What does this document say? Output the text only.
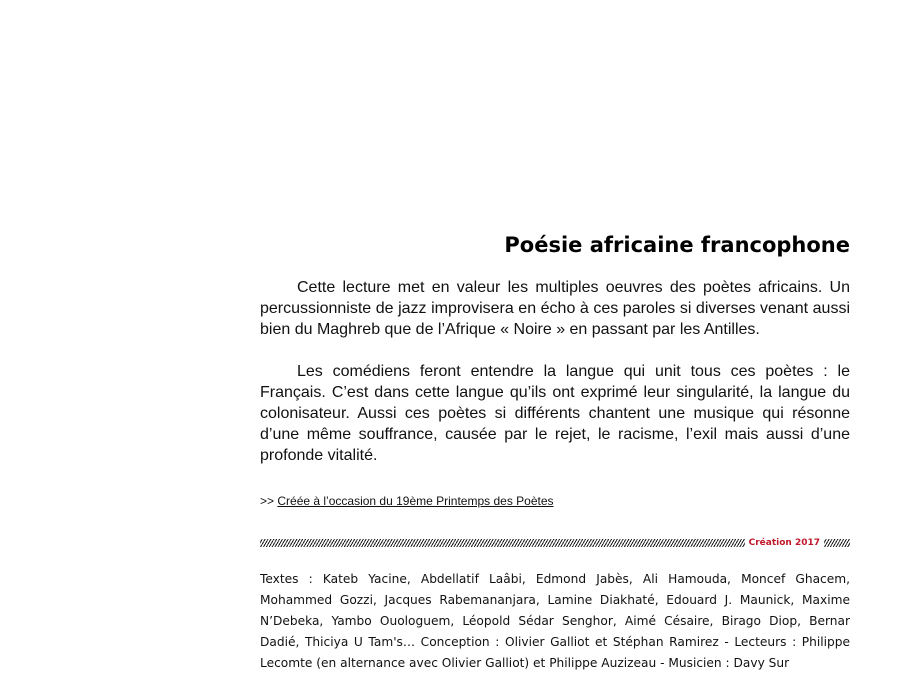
Poésie africaine francophone

Cette lecture met en valeur les multiples oeuvres des poètes africains. Un percussionniste de jazz improvisera en écho à ces paroles si diverses venant aussi bien du Maghreb que de l’Afrique « Noire » en passant par les Antilles.

Les comédiens feront entendre la langue qui unit tous ces poètes : le Français. C’est dans cette langue qu’ils ont exprimé leur singularité, la langue du colonisateur. Aussi ces poètes si différents chantent une musique qui résonne d’une même souffrance, causée par le rejet, le racisme, l’exil mais aussi d’une profonde vitalité.

>> Créée à l’occasion du 19ème Printemps des Poètes
Création 2017

Textes : Kateb Yacine, Abdellatif Laâbi, Edmond Jabès, Ali Hamouda, Moncef Ghacem, Mohammed Gozzi, Jacques Rabemananjara, Lamine Diakhaté, Edouard J. Maunick, Maxime N’Debeka, Yambo Ouologuem, Léopold Sédar Senghor, Aimé Césaire, Birago Diop, Bernar Dadié, Thiciya U Tam's… Conception : Olivier Galliot et Stéphan Ramirez - Lecteurs : Philippe Lecomte (en alternance avec Olivier Galliot) et Philippe Auzizeau - Musicien : Davy Sur
